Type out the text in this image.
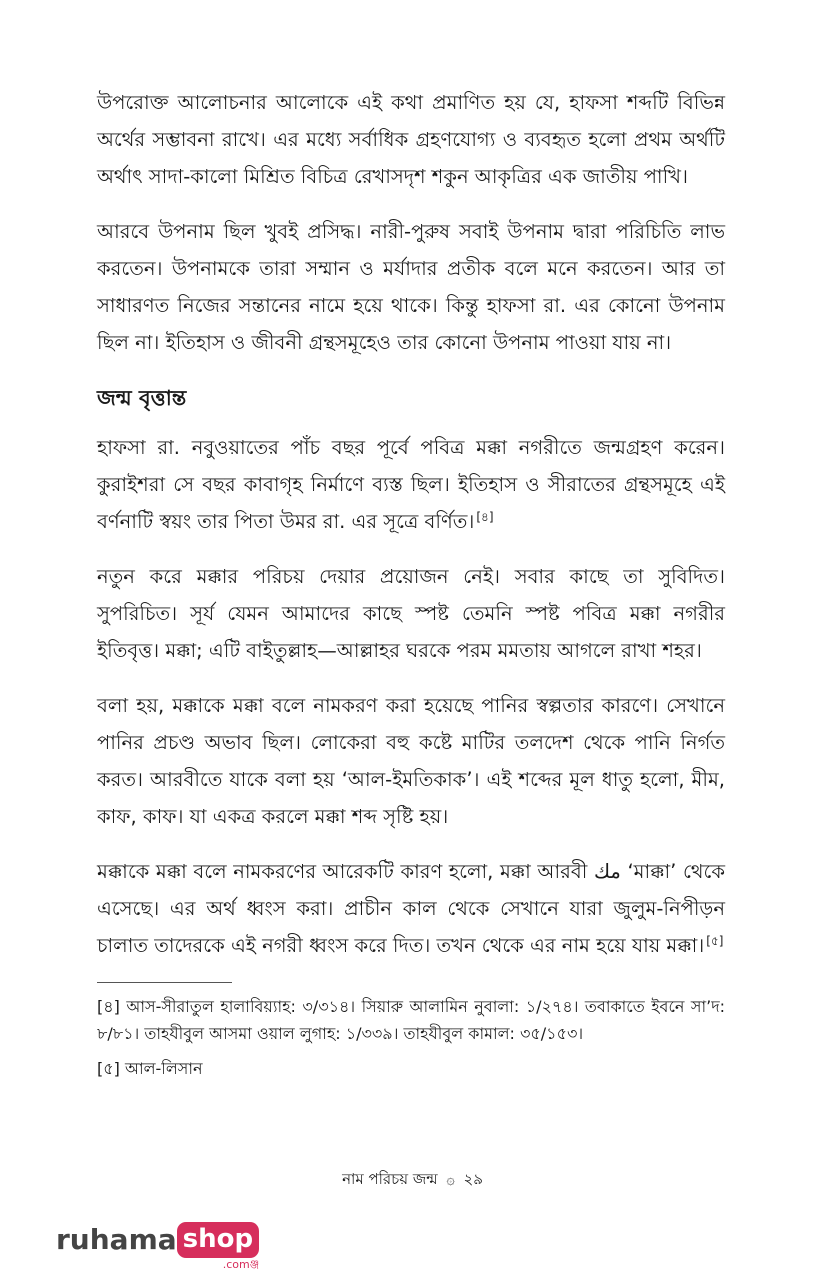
উপরোক্ত আলোচনার আলোকে এই কথা প্রমাণিত হয় যে, হাফসা শব্দটি বিভিন্ন অর্থের সম্ভাবনা রাখে। এর মধ্যে সর্বাধিক গ্রহণযোগ্য ও ব্যবহৃত হলো প্রথম অর্থটি অর্থাৎ সাদা-কালো মিশ্রিত বিচিত্র রেখাসদৃশ শকুন আকৃত্রির এক জাতীয় পাখি।

আরবে উপনাম ছিল খুবই প্রসিদ্ধ। নারী-পুরুষ সবাই উপনাম দ্বারা পরিচিতি লাভ করতেন। উপনামকে তারা সম্মান ও মর্যাদার প্রতীক বলে মনে করতেন। আর তা সাধারণত নিজের সন্তানের নামে হয়ে থাকে। কিন্তু হাফসা রা. এর কোনো উপনাম ছিল না। ইতিহাস ও জীবনী গ্রন্থসমূহেও তার কোনো উপনাম পাওয়া যায় না।

জন্ম বৃত্তান্ত

হাফসা রা. নবুওয়াতের পাঁচ বছর পূর্বে পবিত্র মক্কা নগরীতে জন্মগ্রহণ করেন। কুরাইশরা সে বছর কাবাগৃহ নির্মাণে ব্যস্ত ছিল। ইতিহাস ও সীরাতের গ্রন্থসমূহে এই বর্ণনাটি স্বয়ং তার পিতা উমর রা. এর সূত্রে বর্ণিত। [৪]

নতুন করে মক্কার পরিচয় দেয়ার প্রয়োজন নেই। সবার কাছে তা সুবিদিত। সুপরিচিত। সূর্য যেমন আমাদের কাছে স্পষ্ট তেমনি স্পষ্ট পবিত্র মক্কা নগরীর ইতিবৃত্ত। মক্কা; এটি বাইতুল্লাহ—আল্লাহর ঘরকে পরম মমতায় আগলে রাখা শহর।

বলা হয়, মক্কাকে মক্কা বলে নামকরণ করা হয়েছে পানির স্বল্পতার কারণে। সেখানে পানির প্রচণ্ড অভাব ছিল। লোকেরা বহু কষ্টে মাটির তলদেশ থেকে পানি নির্গত করত। আরবীতে যাকে বলা হয় ‘আল-ইমতিকাক’। এই শব্দের মূল ধাতু হলো, মীম, কাফ, কাফ। যা একত্র করলে মক্কা শব্দ সৃষ্টি হয়।

মক্কাকে মক্কা বলে নামকরণের আরেকটি কারণ হলো, মক্কা আরবী مك ‘মাক্কা’ থেকে এসেছে। এর অর্থ ধ্বংস করা। প্রাচীন কাল থেকে সেখানে যারা জুলুম-নিপীড়ন চালাত তাদেরকে এই নগরী ধ্বংস করে দিত। তখন থেকে এর নাম হয়ে যায় মক্কা। [৫]

[৪] আস-সীরাতুল হালাবিয়্যাহ: ৩/৩১৪। সিয়ারু আলামিন নুবালা: ১/২৭৪। তবাকাতে ইবনে সা’দ: ৮/৮১। তাহযীবুল আসমা ওয়াল লুগাহ: ১/৩৩৯। তাহযীবুল কামাল: ৩৫/১৫৩।

[৫] আল-লিসান

নাম পরিচয় জন্ম ۞ ২৯
ruhama shop
.comঞ্জ
